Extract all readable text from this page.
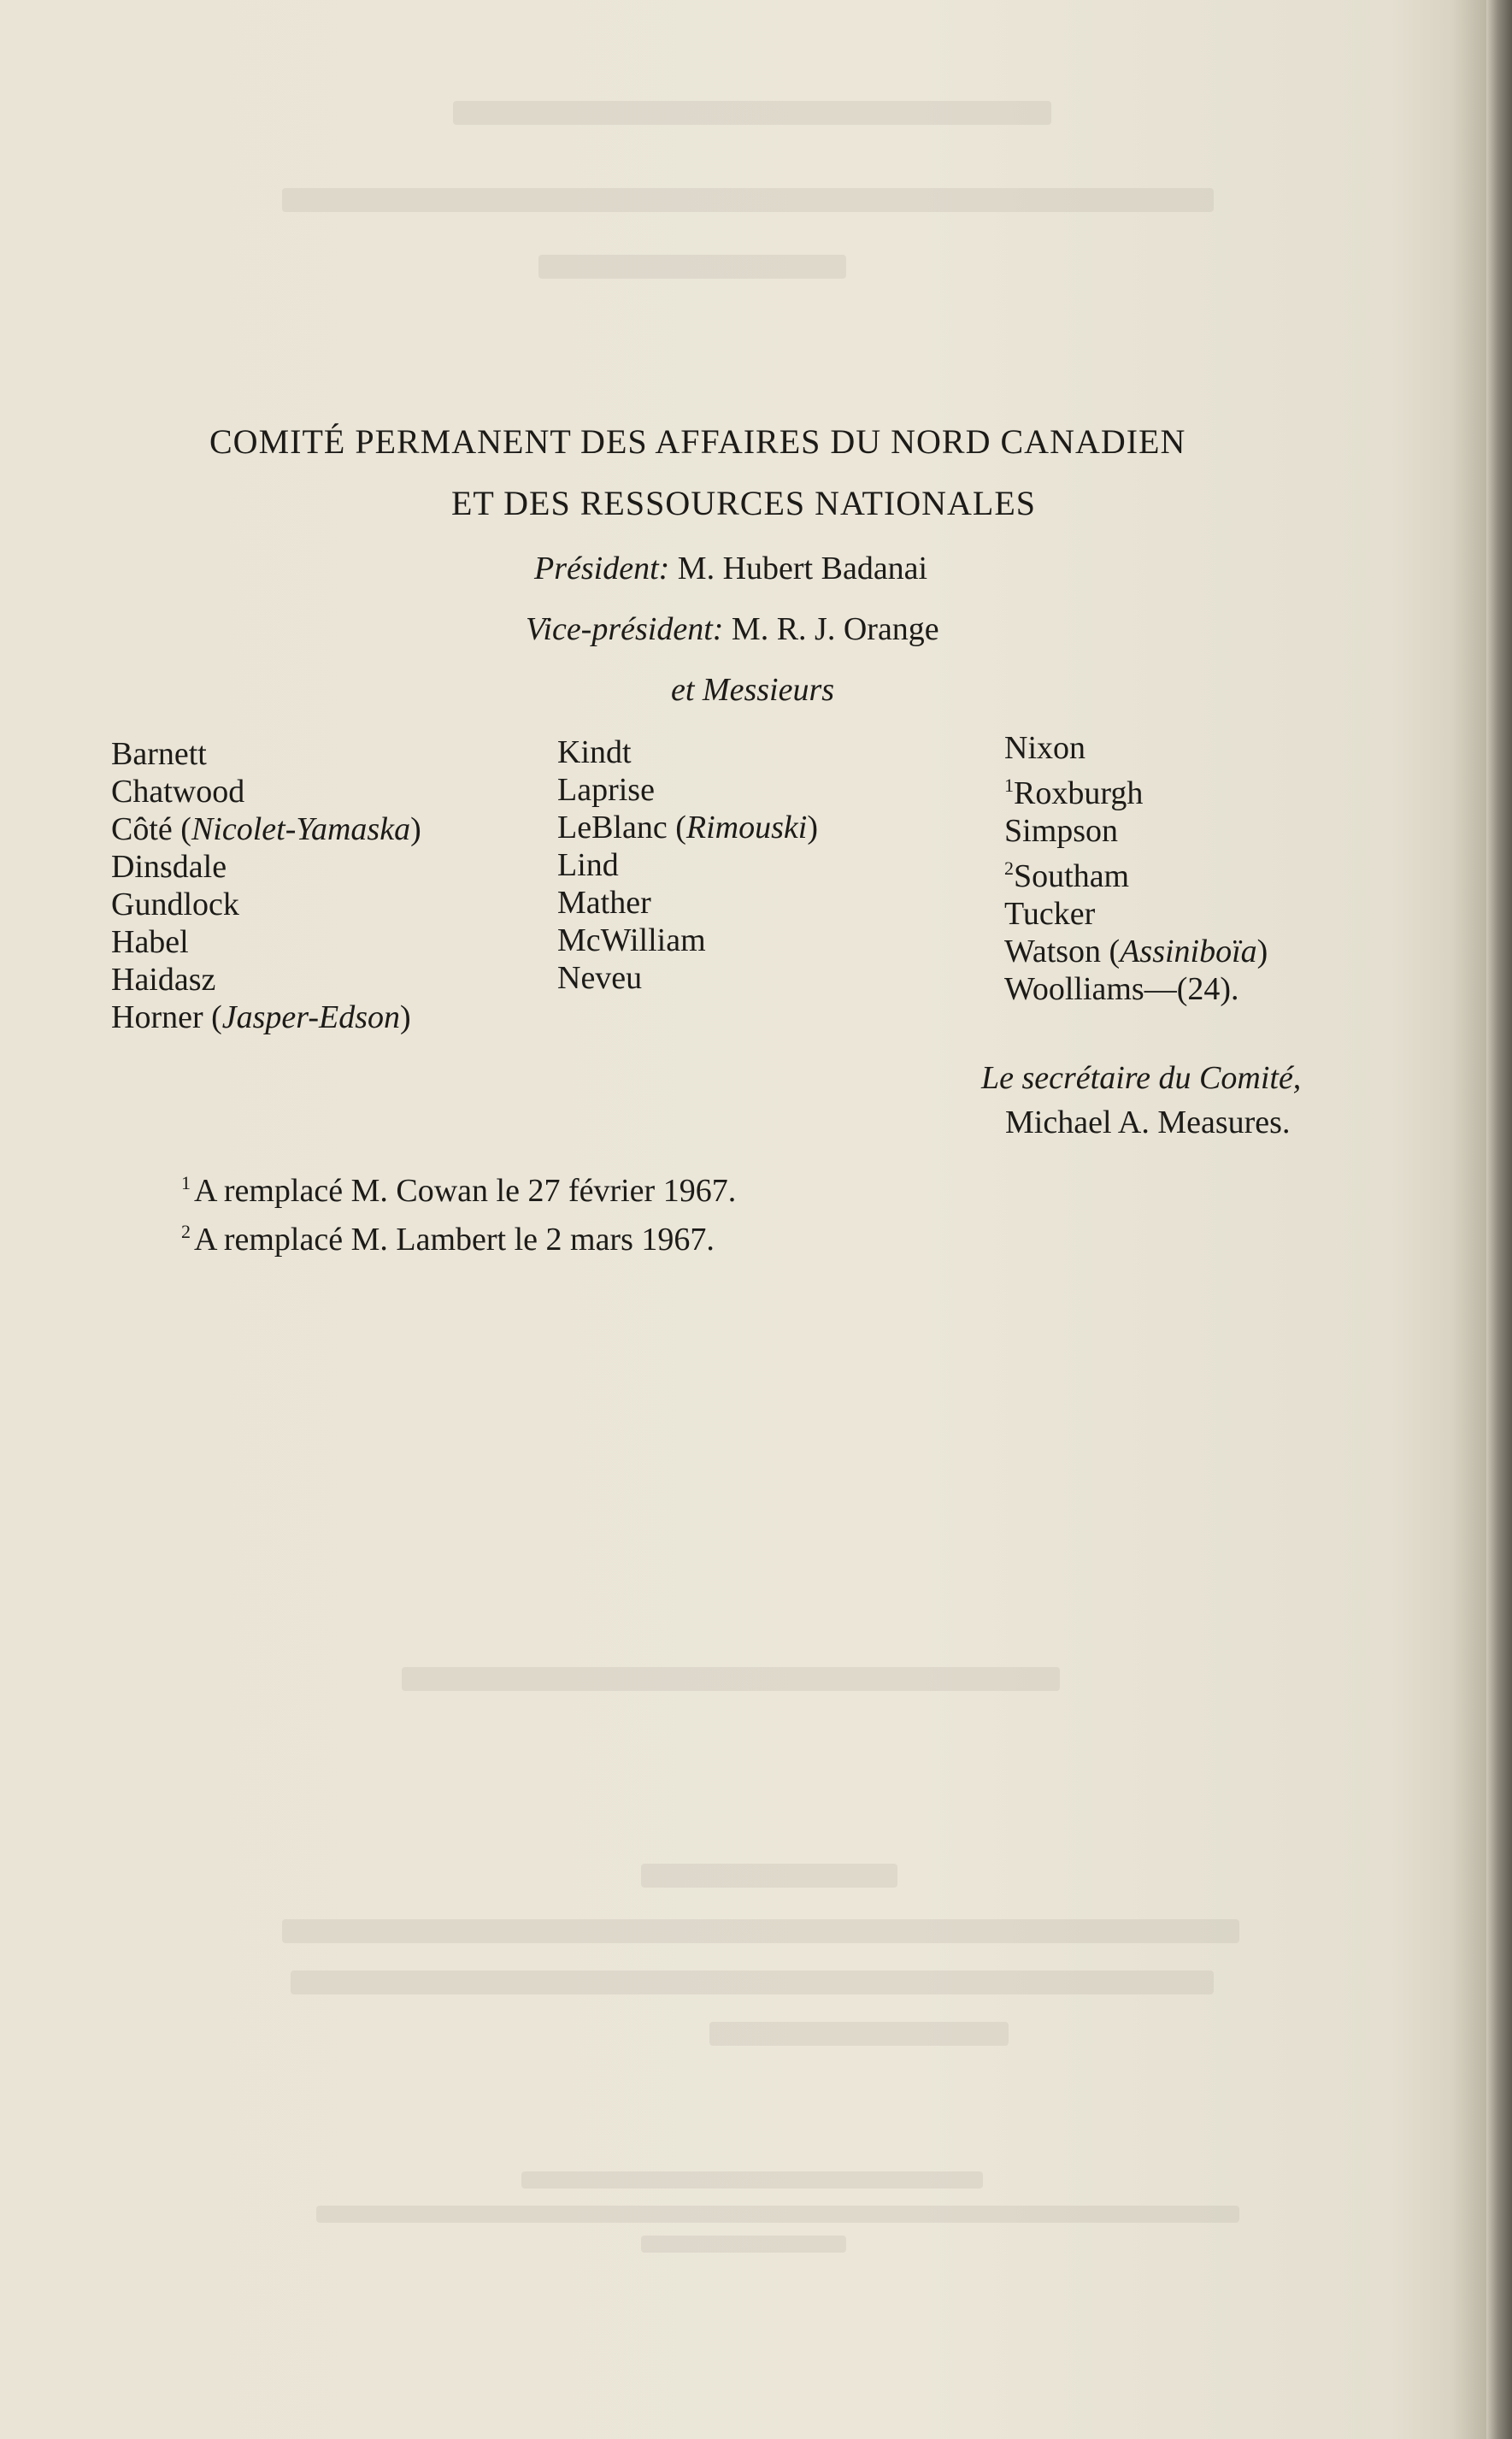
COMITÉ PERMANENT DES AFFAIRES DU NORD CANADIEN
ET DES RESSOURCES NATIONALES
Président: M. Hubert Badanai
Vice-président: M. R. J. Orange
et Messieurs
Barnett
Chatwood
Côté (Nicolet-Yamaska)
Dinsdale
Gundlock
Habel
Haidasz
Horner (Jasper-Edson)
Kindt
Laprise
LeBlanc (Rimouski)
Lind
Mather
McWilliam
Neveu
Nixon
$^1$Roxburgh
Simpson
$^2$Southam
Tucker
Watson (Assiniboïa)
Woolliams—(24).
Le secrétaire du Comité,
Michael A. Measures.
$^1$ A remplacé M. Cowan le 27 février 1967.
$^2$ A remplacé M. Lambert le 2 mars 1967.
